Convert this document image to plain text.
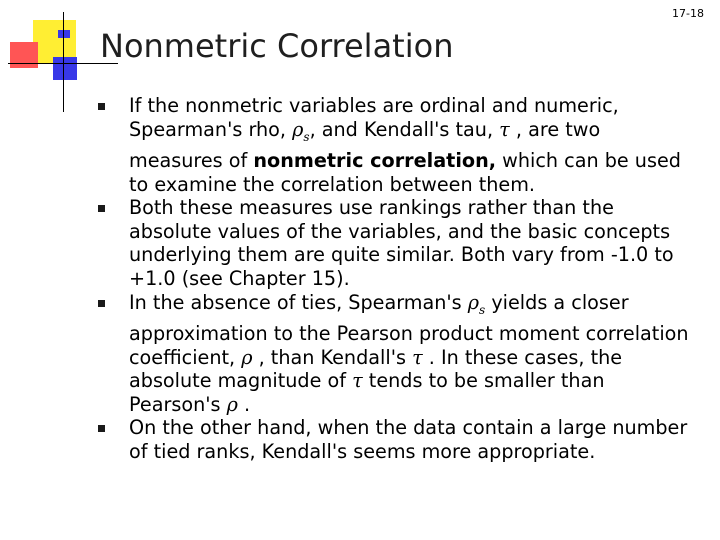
17-18
Nonmetric Correlation
If the nonmetric variables are ordinal and numeric, Spearman's rho, $\rho_s$, and Kendall's tau, τ , are two measures of nonmetric correlation, which can be used to examine the correlation between them.
Both these measures use rankings rather than the absolute values of the variables, and the basic concepts underlying them are quite similar. Both vary from -1.0 to +1.0 (see Chapter 15).
In the absence of ties, Spearman's $\rho_s$ yields a closer approximation to the Pearson product moment correlation coefficient, ρ , than Kendall's τ . In these cases, the absolute magnitude of τ tends to be smaller than Pearson's ρ .
On the other hand, when the data contain a large number of tied ranks, Kendall's seems more appropriate.
